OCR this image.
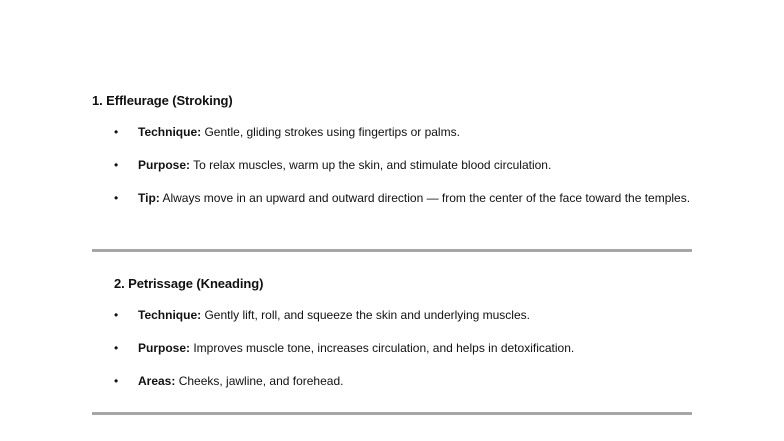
1. Effleurage (Stroking)
• Technique: Gentle, gliding strokes using fingertips or palms.
• Purpose: To relax muscles, warm up the skin, and stimulate blood circulation.
• Tip: Always move in an upward and outward direction — from the center of the face toward the temples.
2. Petrissage (Kneading)
• Technique: Gently lift, roll, and squeeze the skin and underlying muscles.
• Purpose: Improves muscle tone, increases circulation, and helps in detoxification.
• Areas: Cheeks, jawline, and forehead.
